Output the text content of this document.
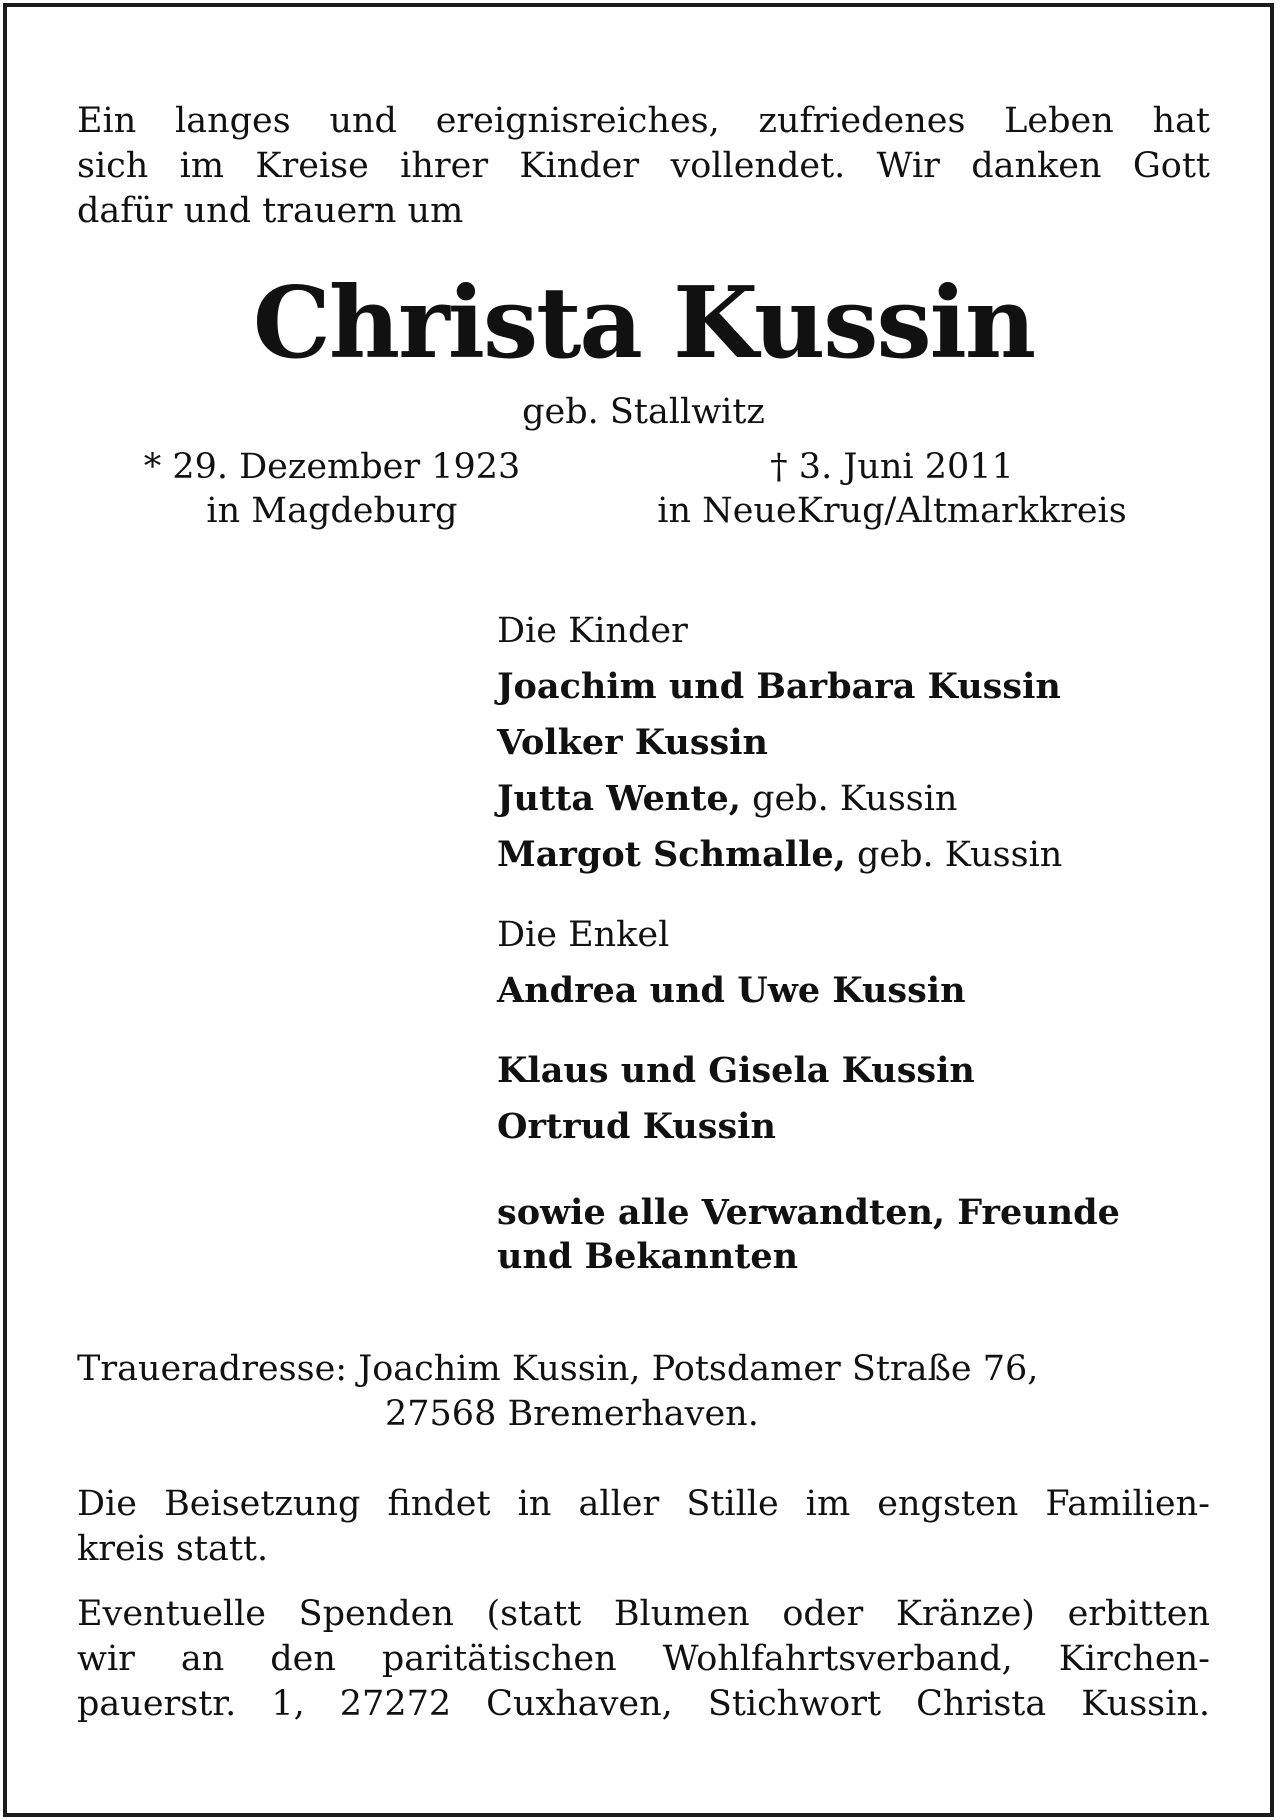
Ein langes und ereignisreiches, zufriedenes Leben hat
sich im Kreise ihrer Kinder vollendet. Wir danken Gott
dafür und trauern um
Christa Kussin
geb. Stallwitz
* 29. Dezember 1923
in Magdeburg
† 3. Juni 2011
in NeueKrug/Altmarkkreis
Die Kinder
Joachim und Barbara Kussin
Volker Kussin
Jutta Wente, geb. Kussin
Margot Schmalle, geb. Kussin
Die Enkel
Andrea und Uwe Kussin
Klaus und Gisela Kussin
Ortrud Kussin
sowie alle Verwandten, Freunde
und Bekannten
Traueradresse: Joachim Kussin, Potsdamer Straße 76,
27568 Bremerhaven.
Die Beisetzung findet in aller Stille im engsten Familien-
kreis statt.
Eventuelle Spenden (statt Blumen oder Kränze) erbitten
wir an den paritätischen Wohlfahrtsverband, Kirchen-
pauerstr. 1, 27272 Cuxhaven, Stichwort Christa Kussin.
